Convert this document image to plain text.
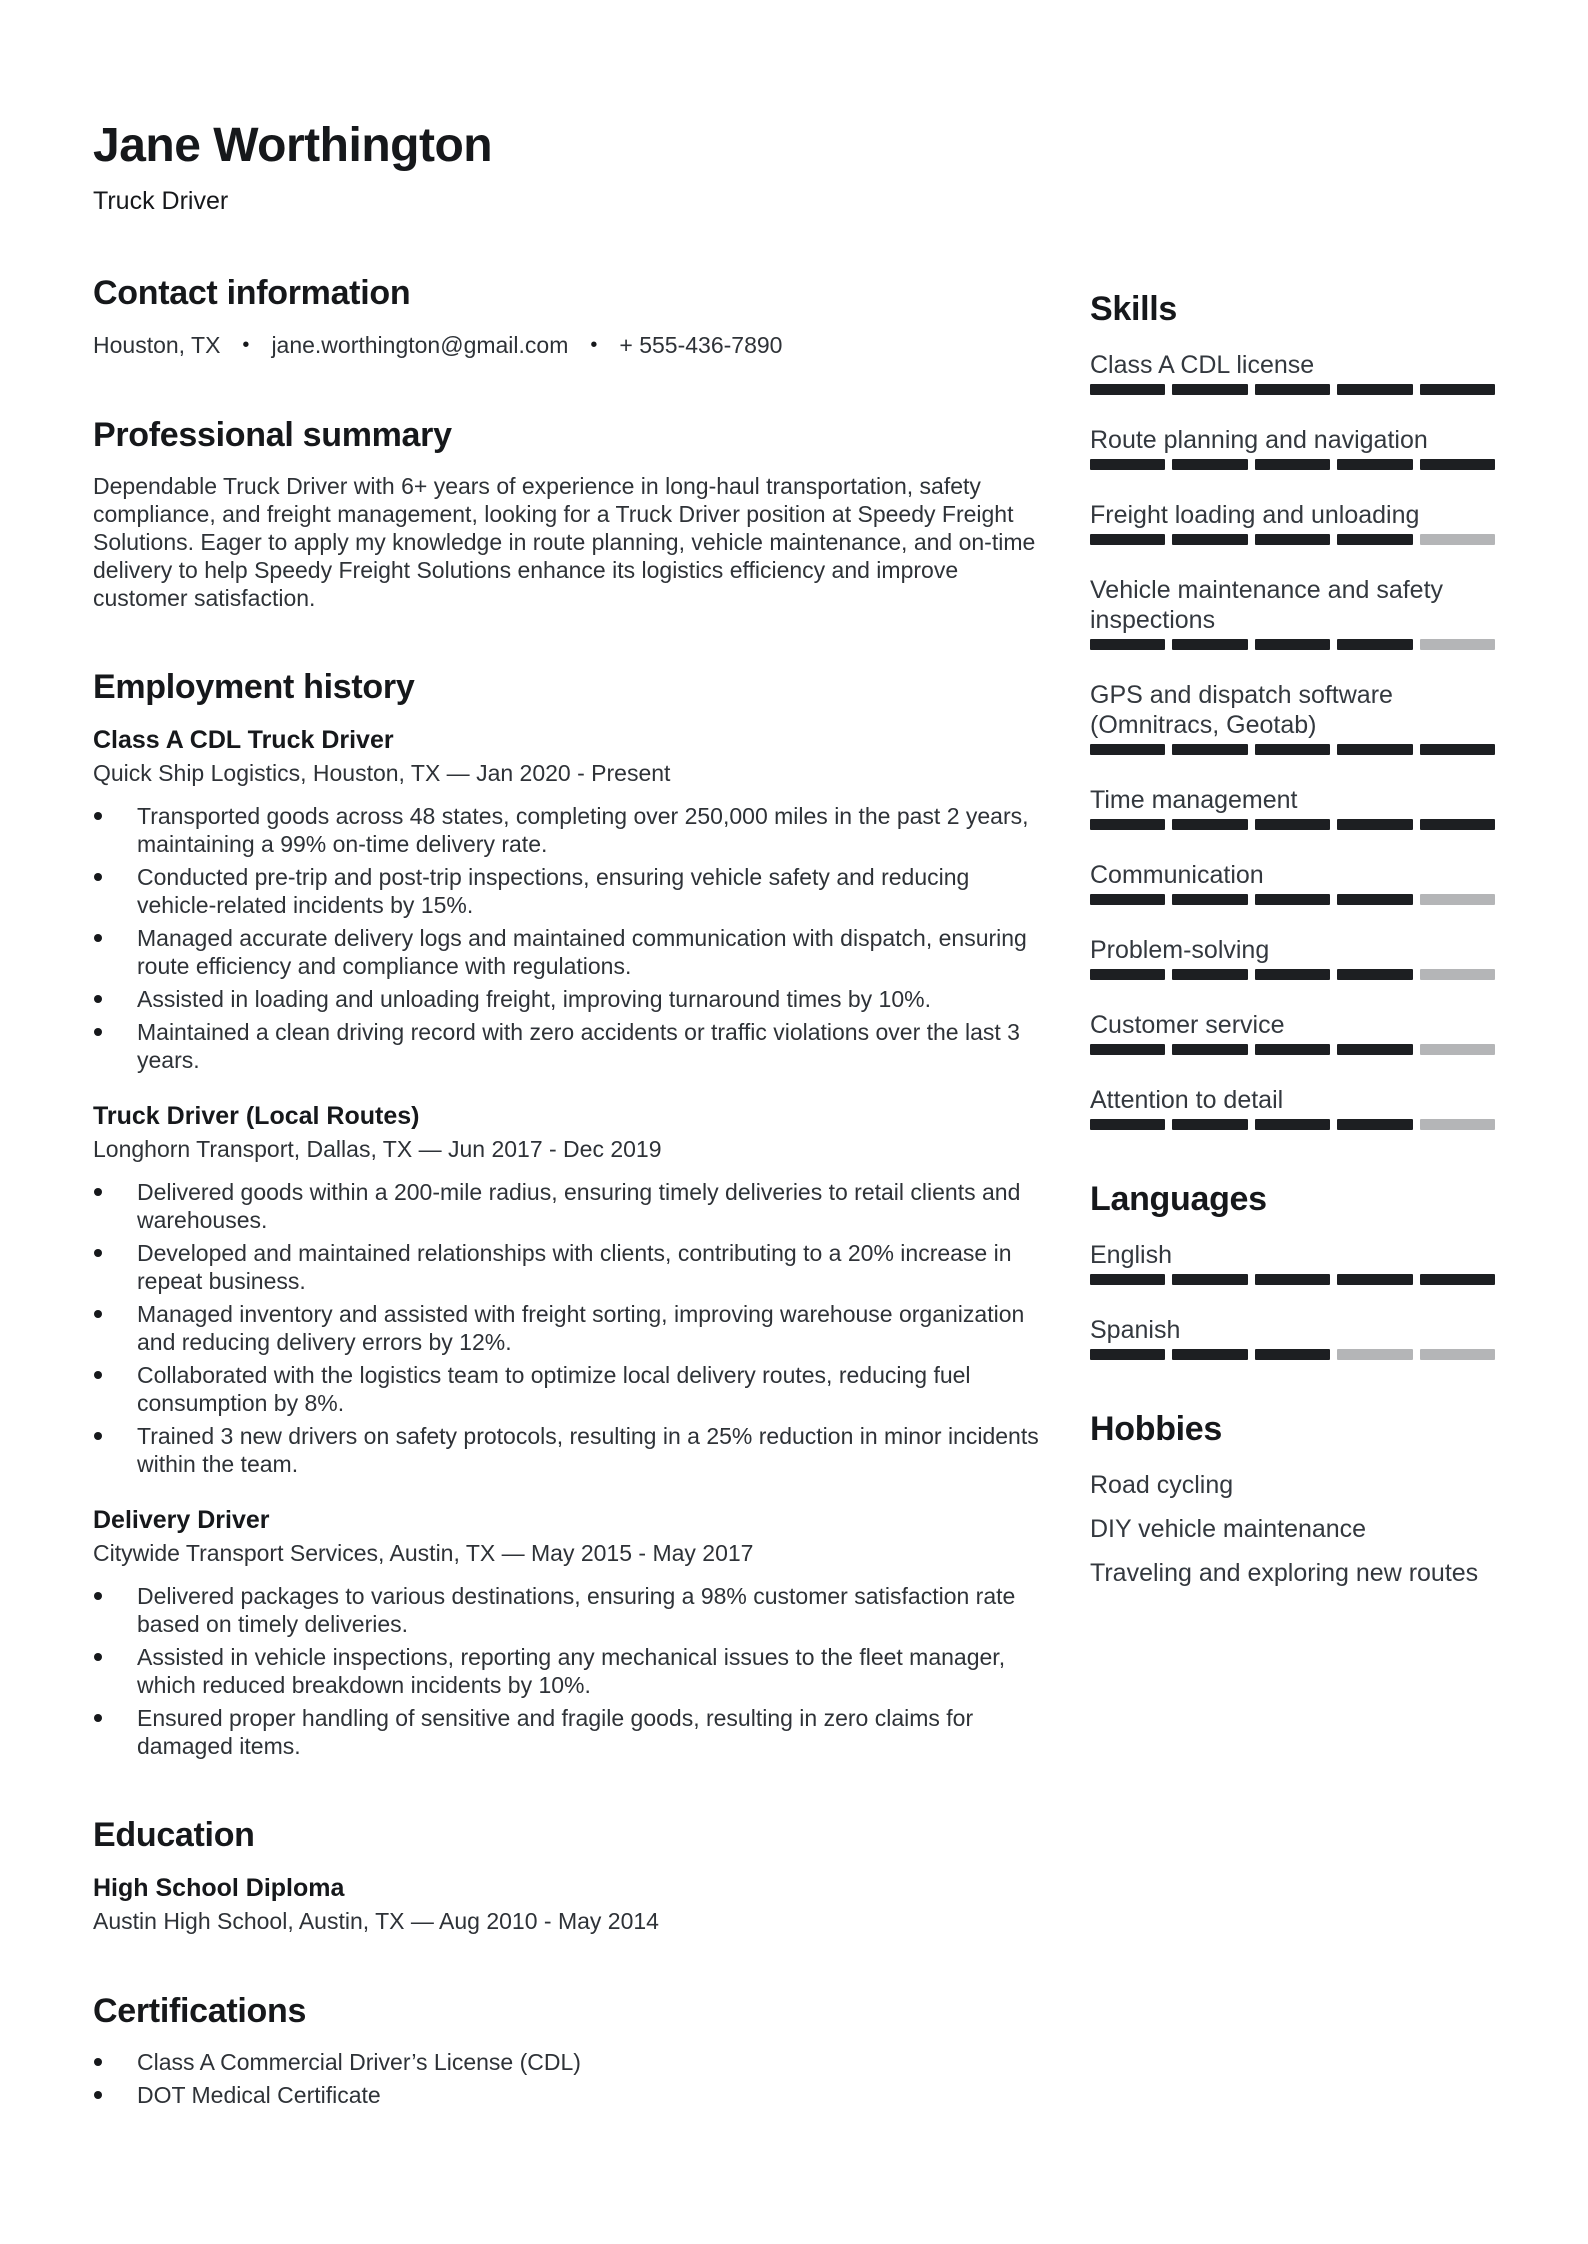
Jane Worthington
Truck Driver
Contact information
Houston, TX • jane.worthington@gmail.com • + 555-436-7890
Professional summary

Dependable Truck Driver with 6+ years of experience in long-haul transportation, safety compliance, and freight management, looking for a Truck Driver position at Speedy Freight Solutions. Eager to apply my knowledge in route planning, vehicle maintenance, and on-time delivery to help Speedy Freight Solutions enhance its logistics efficiency and improve customer satisfaction.

Employment history
Class A CDL Truck Driver
Quick Ship Logistics, Houston, TX — Jan 2020 - Present
Transported goods across 48 states, completing over 250,000 miles in the past 2 years, maintaining a 99% on-time delivery rate.
Conducted pre-trip and post-trip inspections, ensuring vehicle safety and reducing vehicle-related incidents by 15%.
Managed accurate delivery logs and maintained communication with dispatch, ensuring route efficiency and compliance with regulations.
Assisted in loading and unloading freight, improving turnaround times by 10%.
Maintained a clean driving record with zero accidents or traffic violations over the last 3 years.
Truck Driver (Local Routes)
Longhorn Transport, Dallas, TX — Jun 2017 - Dec 2019
Delivered goods within a 200-mile radius, ensuring timely deliveries to retail clients and warehouses.
Developed and maintained relationships with clients, contributing to a 20% increase in repeat business.
Managed inventory and assisted with freight sorting, improving warehouse organization and reducing delivery errors by 12%.
Collaborated with the logistics team to optimize local delivery routes, reducing fuel consumption by 8%.
Trained 3 new drivers on safety protocols, resulting in a 25% reduction in minor incidents within the team.
Delivery Driver
Citywide Transport Services, Austin, TX — May 2015 - May 2017
Delivered packages to various destinations, ensuring a 98% customer satisfaction rate based on timely deliveries.
Assisted in vehicle inspections, reporting any mechanical issues to the fleet manager, which reduced breakdown incidents by 10%.
Ensured proper handling of sensitive and fragile goods, resulting in zero claims for damaged items.
Education
High School Diploma
Austin High School, Austin, TX — Aug 2010 - May 2014
Certifications
Class A Commercial Driver’s License (CDL)
DOT Medical Certificate
Skills
Class A CDL license
Route planning and navigation
Freight loading and unloading
Vehicle maintenance and safety inspections
GPS and dispatch software (Omnitracs, Geotab)
Time management
Communication
Problem-solving
Customer service
Attention to detail
Languages
English
Spanish
Hobbies
Road cycling
DIY vehicle maintenance
Traveling and exploring new routes
